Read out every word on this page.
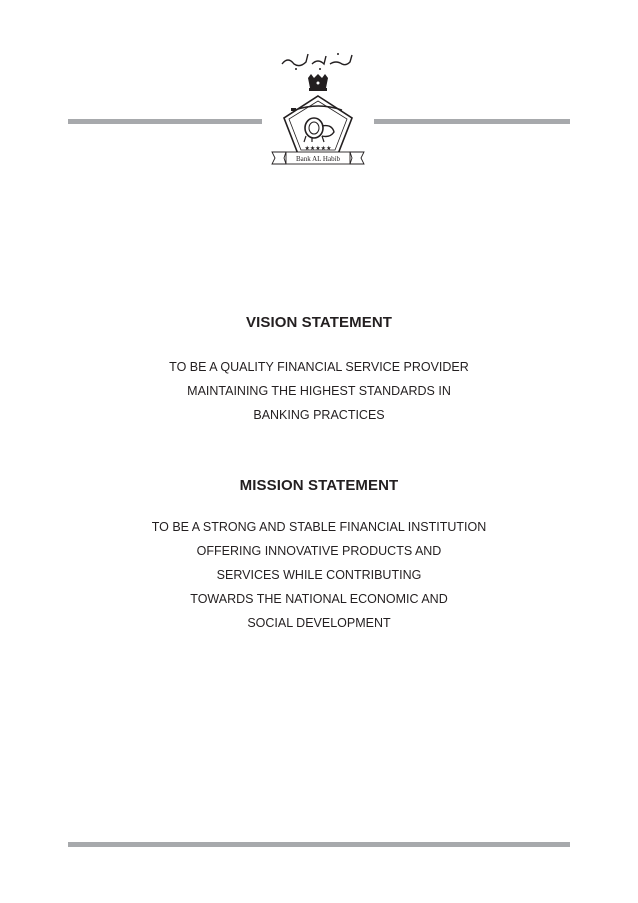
★★★★★
Bank AL Habib
VISION STATEMENT
TO BE A QUALITY FINANCIAL SERVICE PROVIDER
MAINTAINING THE HIGHEST STANDARDS IN
BANKING PRACTICES
MISSION STATEMENT
TO BE A STRONG AND STABLE FINANCIAL INSTITUTION
OFFERING INNOVATIVE PRODUCTS AND
SERVICES WHILE CONTRIBUTING
TOWARDS THE NATIONAL ECONOMIC AND
SOCIAL DEVELOPMENT
